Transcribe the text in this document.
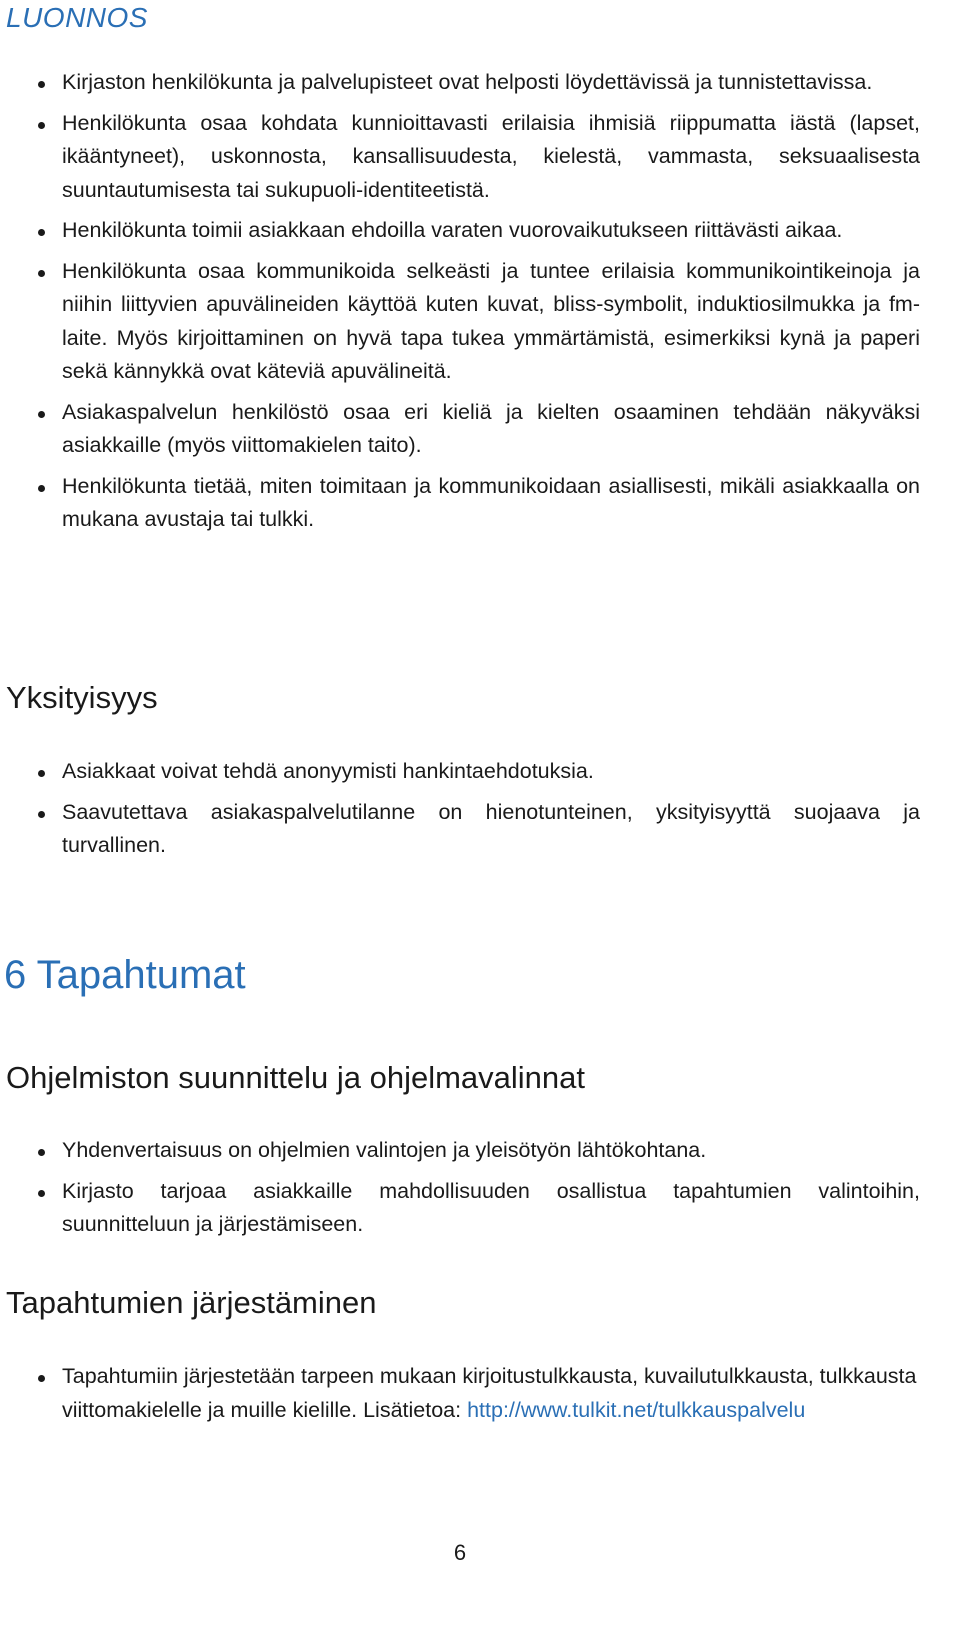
LUONNOS
Kirjaston henkilökunta ja palvelupisteet ovat helposti löydettävissä ja tunnistettavissa.
Henkilökunta osaa kohdata kunnioittavasti erilaisia ihmisiä riippumatta iästä (lapset, ikääntyneet), uskonnosta, kansallisuudesta, kielestä, vammasta, seksuaalisesta suuntautumisesta tai sukupuoli-identiteetistä.
Henkilökunta toimii asiakkaan ehdoilla varaten vuorovaikutukseen riittävästi aikaa.
Henkilökunta osaa kommunikoida selkeästi ja tuntee erilaisia kommunikointikeinoja ja niihin liittyvien apuvälineiden käyttöä kuten kuvat, bliss-symbolit, induktiosilmukka ja fm-laite. Myös kirjoittaminen on hyvä tapa tukea ymmärtämistä, esimerkiksi kynä ja paperi sekä kännykkä ovat käteviä apuvälineitä.
Asiakaspalvelun henkilöstö osaa eri kieliä ja kielten osaaminen tehdään näkyväksi asiakkaille (myös viittomakielen taito).
Henkilökunta tietää, miten toimitaan ja kommunikoidaan asiallisesti, mikäli asiakkaalla on mukana avustaja tai tulkki.
Yksityisyys
Asiakkaat voivat tehdä anonyymisti hankintaehdotuksia.
Saavutettava asiakaspalvelutilanne on hienotunteinen, yksityisyyttä suojaava ja turvallinen.
6 Tapahtumat
Ohjelmiston suunnittelu ja ohjelmavalinnat
Yhdenvertaisuus on ohjelmien valintojen ja yleisötyön lähtökohtana.
Kirjasto tarjoaa asiakkaille mahdollisuuden osallistua tapahtumien valintoihin, suunnitteluun ja järjestämiseen.
Tapahtumien järjestäminen
Tapahtumiin järjestetään tarpeen mukaan kirjoitustulkkausta, kuvailutulkkausta, tulkkausta viittomakielelle ja muille kielille. Lisätietoa: http://www.tulkit.net/tulkkauspalvelu
6
